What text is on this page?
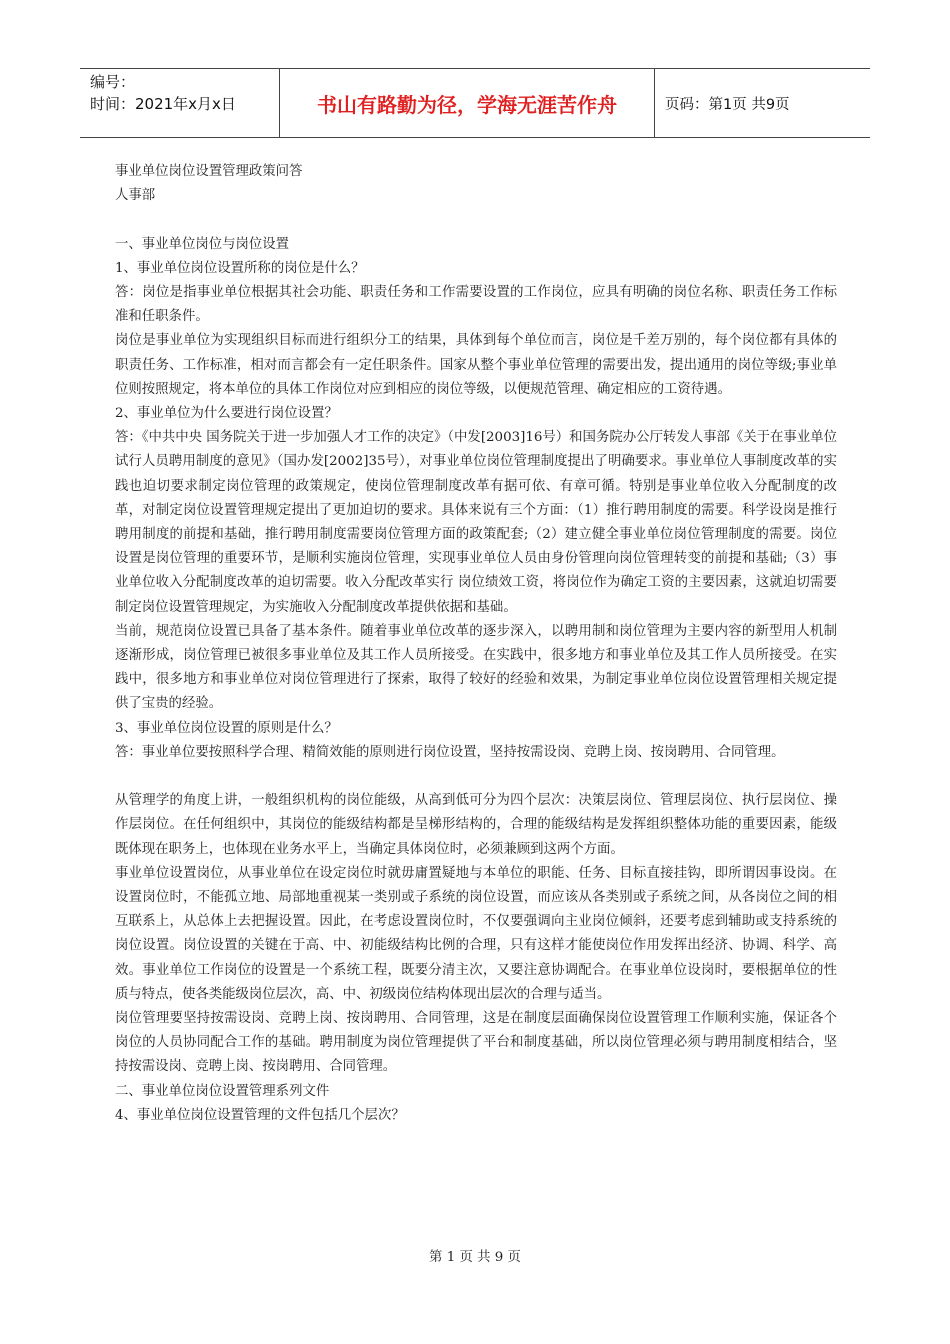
编号：
时间：2021年x月x日	书山有路勤为径，学海无涯苦作舟	页码：第1页 共9页

事业单位岗位设置管理政策问答

人事部

一、事业单位岗位与岗位设置

1、事业单位岗位设置所称的岗位是什么？

答：岗位是指事业单位根据其社会功能、职责任务和工作需要设置的工作岗位，应具有明确的岗位名称、职责任务工作标准和任职条件。

岗位是事业单位为实现组织目标而进行组织分工的结果，具体到每个单位而言，岗位是千差万别的，每个岗位都有具体的职责任务、工作标准，相对而言都会有一定任职条件。国家从整个事业单位管理的需要出发，提出通用的岗位等级;事业单位则按照规定，将本单位的具体工作岗位对应到相应的岗位等级，以便规范管理、确定相应的工资待遇。

2、事业单位为什么要进行岗位设置？

答：《中共中央 国务院关于进一步加强人才工作的决定》（中发[2003]16号）和国务院办公厅转发人事部《关于在事业单位试行人员聘用制度的意见》（国办发[2002]35号），对事业单位岗位管理制度提出了明确要求。事业单位人事制度改革的实践也迫切要求制定岗位管理的政策规定，使岗位管理制度改革有据可依、有章可循。特别是事业单位收入分配制度的改革，对制定岗位设置管理规定提出了更加迫切的要求。具体来说有三个方面：（1）推行聘用制度的需要。科学设岗是推行聘用制度的前提和基础，推行聘用制度需要岗位管理方面的政策配套;（2）建立健全事业单位岗位管理制度的需要。岗位设置是岗位管理的重要环节，是顺利实施岗位管理，实现事业单位人员由身份管理向岗位管理转变的前提和基础;（3）事业单位收入分配制度改革的迫切需要。收入分配改革实行 岗位绩效工资，将岗位作为确定工资的主要因素，这就迫切需要制定岗位设置管理规定，为实施收入分配制度改革提供依据和基础。

当前，规范岗位设置已具备了基本条件。随着事业单位改革的逐步深入，以聘用制和岗位管理为主要内容的新型用人机制逐渐形成，岗位管理已被很多事业单位及其工作人员所接受。在实践中，很多地方和事业单位及其工作人员所接受。在实践中，很多地方和事业单位对岗位管理进行了探索，取得了较好的经验和效果，为制定事业单位岗位设置管理相关规定提供了宝贵的经验。

3、事业单位岗位设置的原则是什么？

答：事业单位要按照科学合理、精简效能的原则进行岗位设置，坚持按需设岗、竞聘上岗、按岗聘用、合同管理。

从管理学的角度上讲，一般组织机构的岗位能级，从高到低可分为四个层次：决策层岗位、管理层岗位、执行层岗位、操作层岗位。在任何组织中，其岗位的能级结构都是呈梯形结构的，合理的能级结构是发挥组织整体功能的重要因素，能级既体现在职务上，也体现在业务水平上，当确定具体岗位时，必须兼顾到这两个方面。

事业单位设置岗位，从事业单位在设定岗位时就毋庸置疑地与本单位的职能、任务、目标直接挂钩，即所谓因事设岗。在设置岗位时，不能孤立地、局部地重视某一类别或子系统的岗位设置，而应该从各类别或子系统之间，从各岗位之间的相互联系上，从总体上去把握设置。因此，在考虑设置岗位时，不仅要强调向主业岗位倾斜，还要考虑到辅助或支持系统的岗位设置。岗位设置的关键在于高、中、初能级结构比例的合理，只有这样才能使岗位作用发挥出经济、协调、科学、高效。事业单位工作岗位的设置是一个系统工程，既要分清主次，又要注意协调配合。在事业单位设岗时，要根据单位的性质与特点，使各类能级岗位层次，高、中、初级岗位结构体现出层次的合理与适当。

岗位管理要坚持按需设岗、竞聘上岗、按岗聘用、合同管理，这是在制度层面确保岗位设置管理工作顺利实施，保证各个岗位的人员协同配合工作的基础。聘用制度为岗位管理提供了平台和制度基础，所以岗位管理必须与聘用制度相结合，坚持按需设岗、竞聘上岗、按岗聘用、合同管理。

二、事业单位岗位设置管理系列文件

4、事业单位岗位设置管理的文件包括几个层次？

第 1 页 共 9 页
